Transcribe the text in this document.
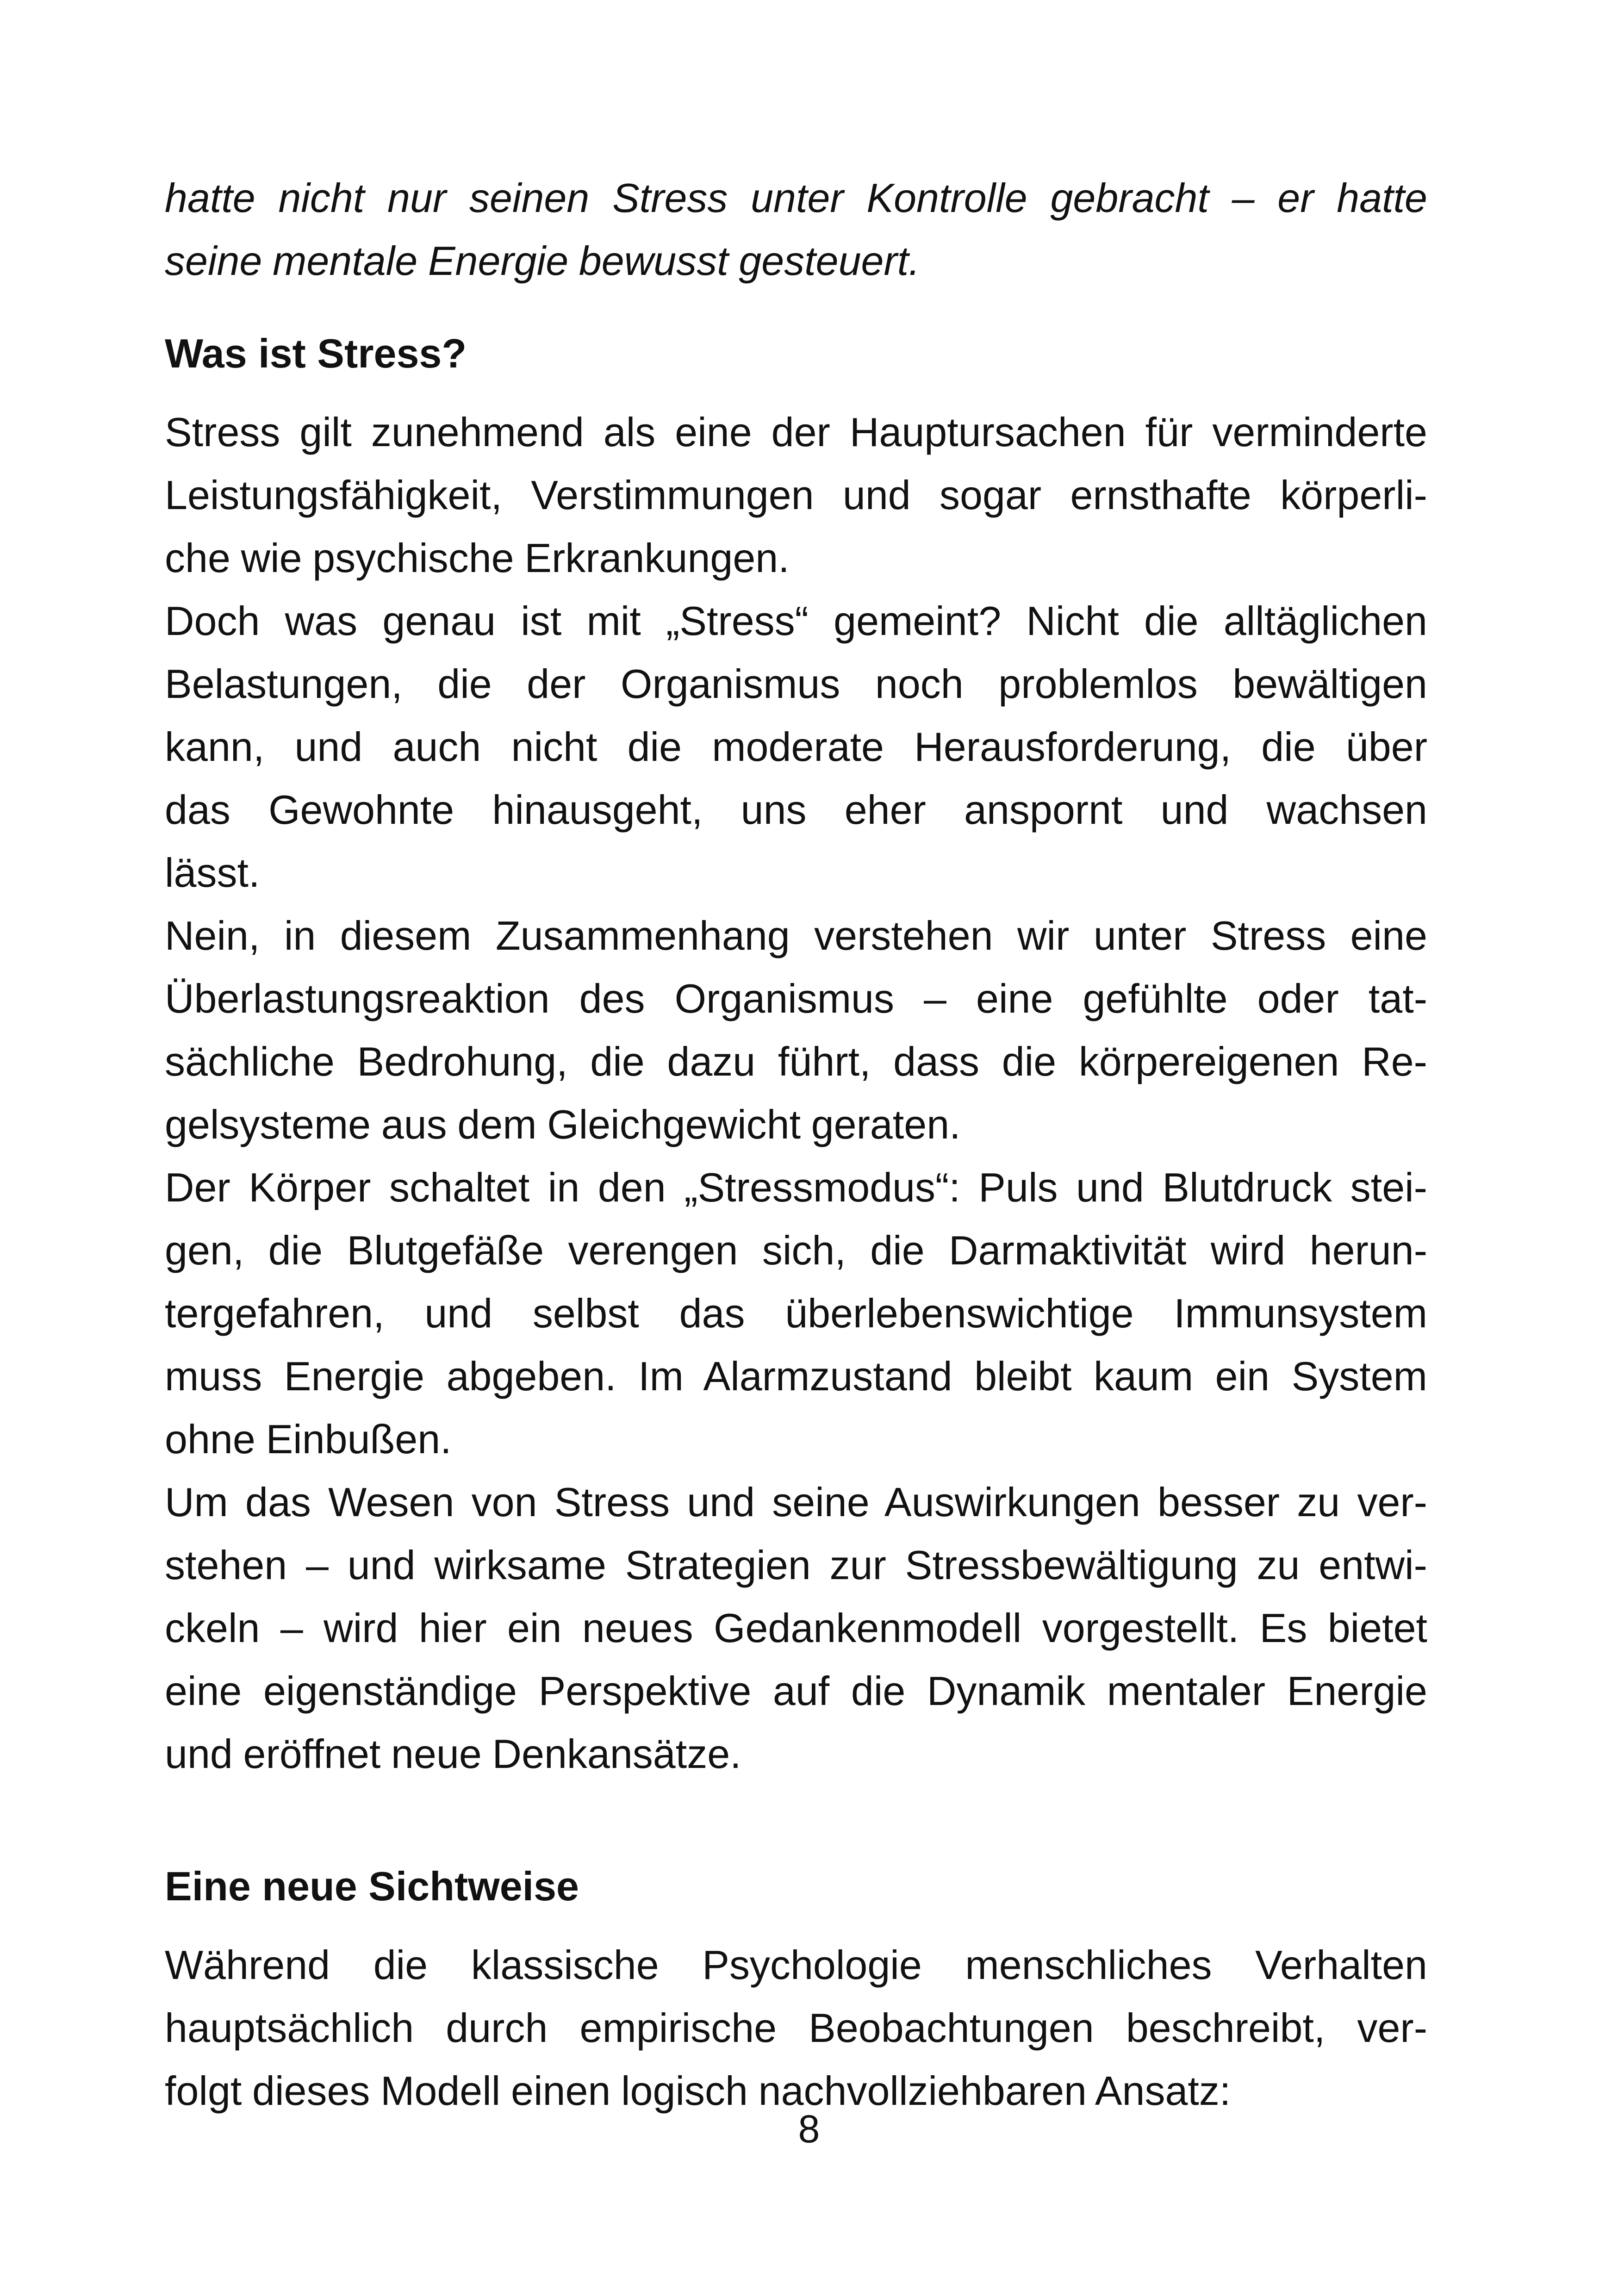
hatte nicht nur seinen Stress unter Kontrolle gebracht – er hatte
seine mentale Energie bewusst gesteuert.
Was ist Stress?
Stress gilt zunehmend als eine der Hauptursachen für verminderte
Leistungsfähigkeit, Verstimmungen und sogar ernsthafte körperli-
che wie psychische Erkrankungen.
Doch was genau ist mit „Stress“ gemeint? Nicht die alltäglichen
Belastungen, die der Organismus noch problemlos bewältigen
kann, und auch nicht die moderate Herausforderung, die über
das Gewohnte hinausgeht, uns eher anspornt und wachsen
lässt.
Nein, in diesem Zusammenhang verstehen wir unter Stress eine
Überlastungsreaktion des Organismus – eine gefühlte oder tat-
sächliche Bedrohung, die dazu führt, dass die körpereigenen Re-
gelsysteme aus dem Gleichgewicht geraten.
Der Körper schaltet in den „Stressmodus“: Puls und Blutdruck stei-
gen, die Blutgefäße verengen sich, die Darmaktivität wird herun-
tergefahren, und selbst das überlebenswichtige Immunsystem
muss Energie abgeben. Im Alarmzustand bleibt kaum ein System
ohne Einbußen.
Um das Wesen von Stress und seine Auswirkungen besser zu ver-
stehen – und wirksame Strategien zur Stressbewältigung zu entwi-
ckeln – wird hier ein neues Gedankenmodell vorgestellt. Es bietet
eine eigenständige Perspektive auf die Dynamik mentaler Energie
und eröffnet neue Denkansätze.
Eine neue Sichtweise
Während die klassische Psychologie menschliches Verhalten
hauptsächlich durch empirische Beobachtungen beschreibt, ver-
folgt dieses Modell einen logisch nachvollziehbaren Ansatz:
8
